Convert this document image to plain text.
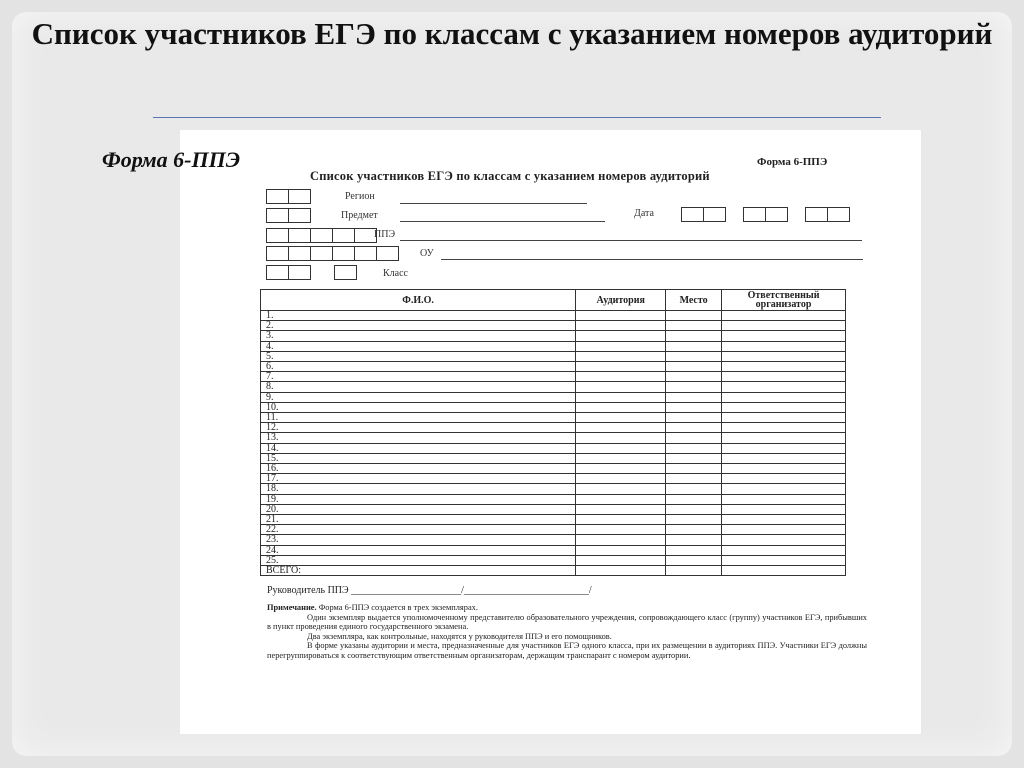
Список участников ЕГЭ по классам с указанием номеров аудиторий
Форма 6-ППЭ	Форма 6-ППЭ
Список участников ЕГЭ по классам с указанием номеров аудиторий
Регион
Предмет	Дата
ППЭ
ОУ
Класс
Ф.И.О.	Аудитория	Место	Ответственный организатор
1.			
2.			
3.			
4.			
5.			
6.			
7.			
8.			
9.			
10.			
11.			
12.			
13.			
14.			
15.			
16.			
17.			
18.			
19.			
20.			
21.			
22.			
23.			
24.			
25.			
ВСЕГО:			
Руководитель ППЭ ______________________/_________________________/

Примечание. Форма 6-ППЭ создается в трех экземплярах.

Один экземпляр выдается уполномоченному представителю образовательного учреждения, сопровождающего класс (группу) участников ЕГЭ, прибывших в пункт проведения единого государственного экзамена.

Два экземпляра, как контрольные, находятся у руководителя ППЭ и его помощников.

В форме указаны аудитории и места, предназначенные для участников ЕГЭ одного класса, при их размещении в аудиториях ППЭ. Участники ЕГЭ должны перегруппироваться к соответствующим ответственным организаторам, держащим транспарант с номером аудитории.
